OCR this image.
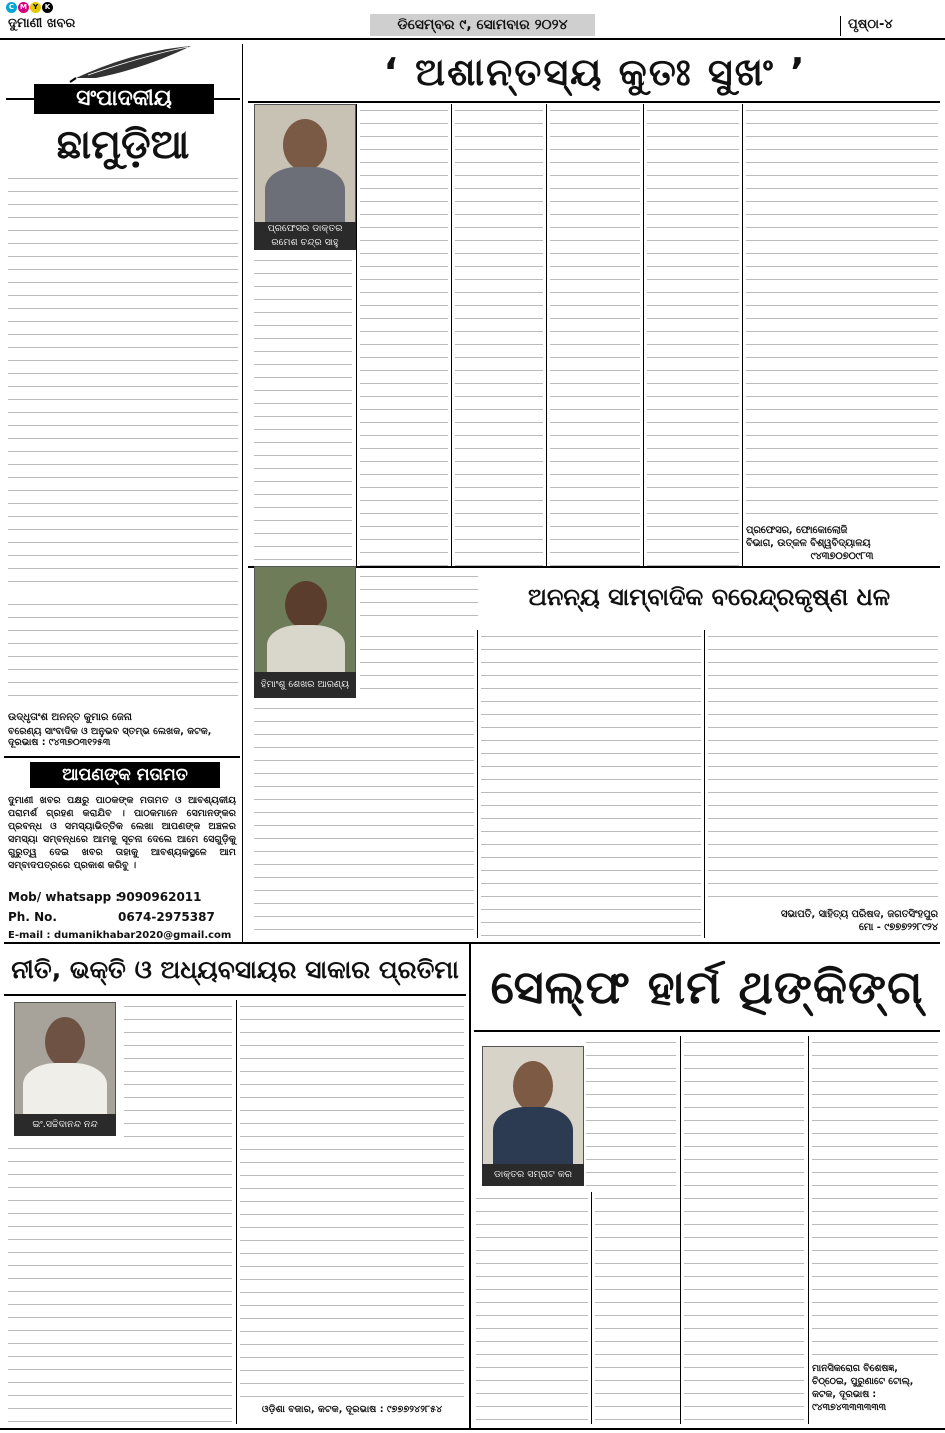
C M Y K
ଦୁମାଣୀ ଖବର	ଡିସେମ୍ବର ୯, ସୋମବାର ୨୦୨୪	ପୃଷ୍ଠା-୪
ସଂପାଦକୀୟ
ଛାମୁଡ଼ିଆ
ଉଦ୍ଧୃତାଂଶ ଅନନ୍ତ କୁମାର ଜେନା
ବରେଣ୍ୟ ସାଂବାଦିକ ଓ ଅନୁଭବ ସ୍ତମ୍ଭ ଲେଖକ, କଟକ, ଦୂରଭାଷ : ୯୪୩୭୦୩୧୨୫୩
ଆପଣଙ୍କ ମତାମତ
ଦୁମାଣୀ ଖବର ପକ୍ଷରୁ ପାଠକଙ୍କ ମତାମତ ଓ ଆବଶ୍ୟକୀୟ ପରାମର୍ଶ ଗ୍ରହଣ କରାଯିବ । ପାଠକମାନେ ସେମାନଙ୍କର ପ୍ରବନ୍ଧ ଓ ସମସ୍ୟାଭିତ୍ତିକ ଲେଖା ଆପଣଙ୍କ ଅଞ୍ଚଳର ସମସ୍ୟା ସମ୍ବନ୍ଧରେ ଆମକୁ ସୂଚନା ଦେଲେ ଆମେ ସେଗୁଡ଼ିକୁ ଗୁରୁତ୍ୱ ଦେଇ ଖବର ତାହାକୁ ଆବଶ୍ୟକସ୍ଥଳେ ଆମ ସମ୍ବାଦପତ୍ରରେ ପ୍ରକାଶ କରିବୁ ।
Mob/ whatsapp :
9090962011
Ph. No.	0674-2975387
E-mail : dumanikhabar2020@gmail.com
‘ ଅଶାନ୍ତସ୍ୟ କୁତଃ ସୁଖଂ ’
ପ୍ରଫେସର ଡାକ୍ତର ରମେଶ ଚନ୍ଦ୍ର ସାହୁ
ପ୍ରଫେସର, ଫୋକୋଲୋଜି
ବିଭାଗ, ଉତ୍କଳ ବିଶ୍ୱବିଦ୍ୟାଳୟ
୯୪୩୭୦୭୦୯୮୩
ହିମାଂଶୁ ଶେଖର ଆରଣ୍ୟ
ଅନନ୍ୟ ସାମ୍ବାଦିକ ବରେନ୍ଦ୍ରକୃଷ୍ଣ ଧଳ
ସଭାପତି, ସାହିତ୍ୟ ପରିଷଦ, ଜଗତସିଂହପୁର
ମୋ - ୯୭୭୭୨୨୮୯୨୪
ନୀତି, ଭକ୍ତି ଓ ଅଧ୍ୟବସାୟର ସାକାର ପ୍ରତିମା
ଇଂ.ସଚ୍ଚିଦାନନ୍ଦ ନନ୍ଦ
ଓଡ଼ିଶା ବଜାର, କଟକ, ଦୂରଭାଷ : ୯୭୭୭୨୪୨୮୫୪
ସେଲ୍ଫ ହାର୍ମ ଥିଙ୍କିଙ୍ଗ୍
ଡାକ୍ତର ସମ୍ରାଟ କର
ମାନସିକରୋଗ ବିଶେଷଜ୍ଞ,
ଚିଠ୍ଠେଇ, ପୁରୁଣାଟେ ଟୋଲ୍,
କଟକ, ଦୂରଭାଷ :
୯୪୩୭୪୩୩୩୩୩୩
